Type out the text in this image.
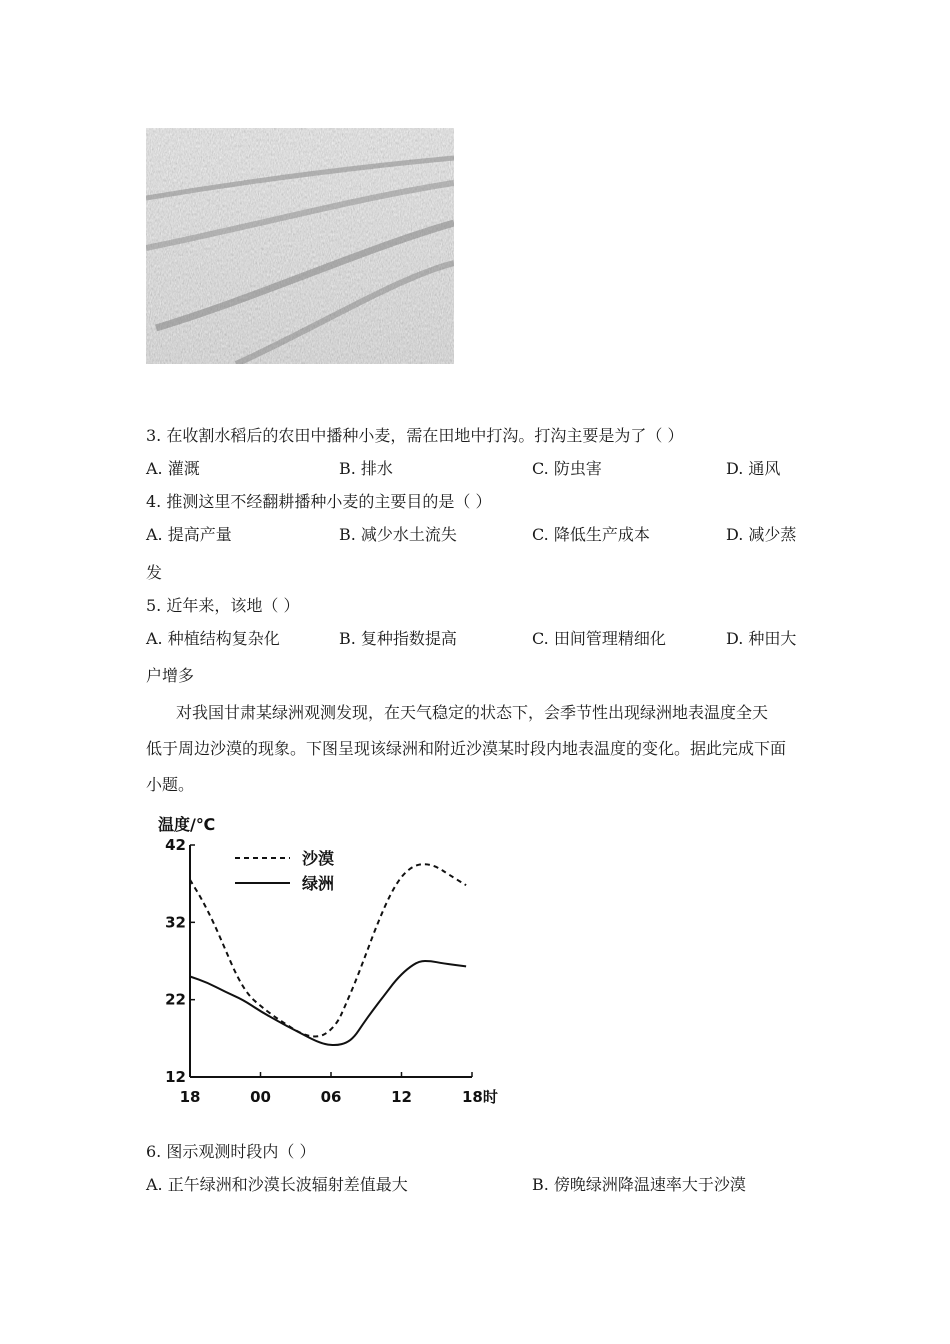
3. 在收割水稻后的农田中播种小麦，需在田地中打沟。打沟主要是为了（ ）
A. 灌溉	B. 排水	C. 防虫害	D. 通风
4. 推测这里不经翻耕播种小麦的主要目的是（ ）
A. 提高产量	B. 减少水土流失	C. 降低生产成本	D. 减少蒸
发
5. 近年来，该地（ ）
A. 种植结构复杂化	B. 复种指数提高	C. 田间管理精细化	D. 种田大
户增多
对我国甘肃某绿洲观测发现，在天气稳定的状态下，会季节性出现绿洲地表温度全天
低于周边沙漠的现象。下图呈现该绿洲和附近沙漠某时段内地表温度的变化。据此完成下面
小题。
温度/℃
12
22
32
42
18	00	06	12	18时
沙漠
绿洲
6. 图示观测时段内（ ）
A. 正午绿洲和沙漠长波辐射差值最大	B. 傍晚绿洲降温速率大于沙漠
